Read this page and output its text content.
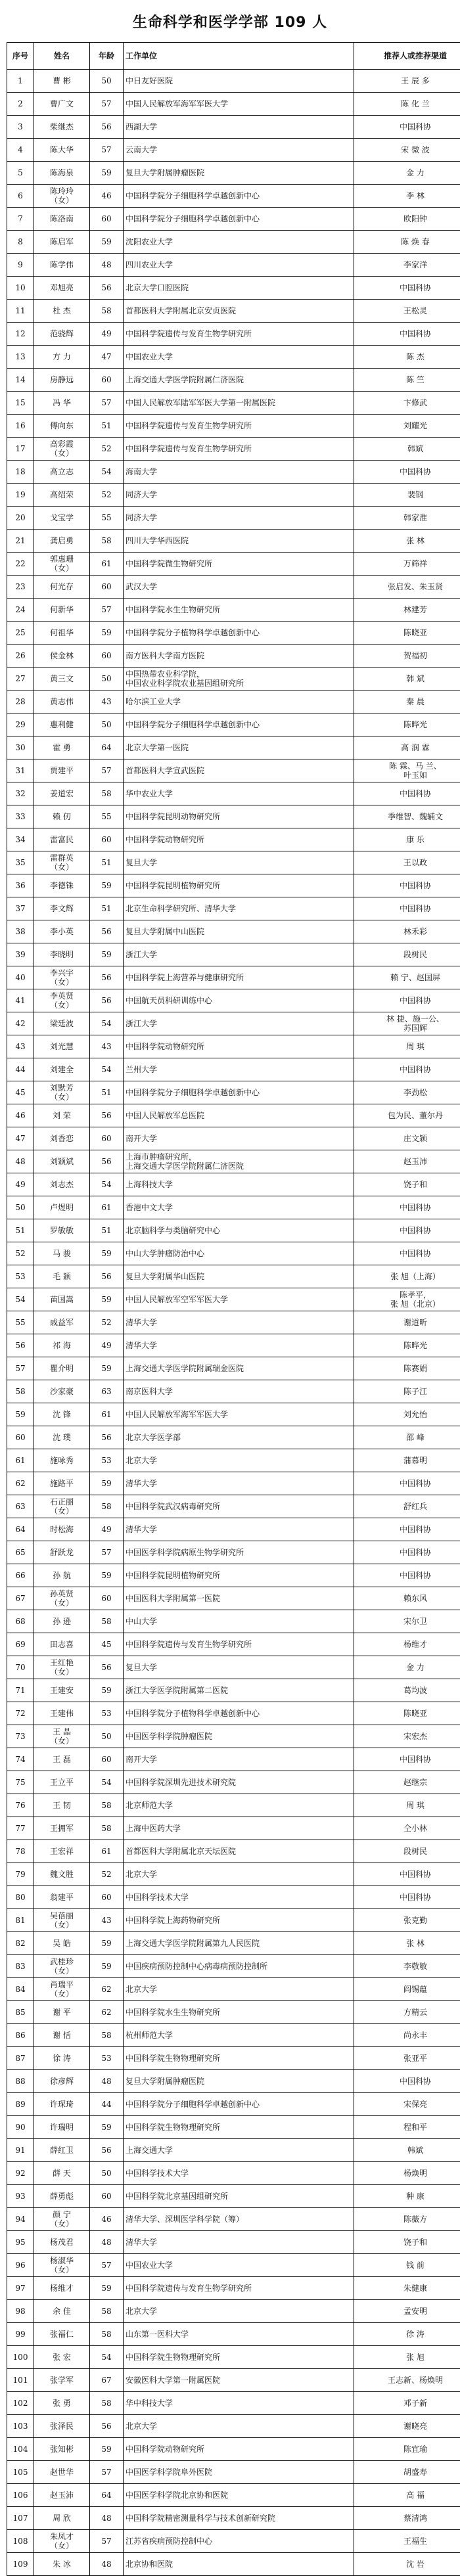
生命科学和医学学部 109 人
序号	姓名	年龄	工作单位	推荐人或推荐渠道
1	曹 彬	50	中日友好医院	王 辰 多
2	曹广文	57	中国人民解放军海军军医大学	陈 化 兰
3	柴继杰	56	西湖大学	中国科协
4	陈大华	57	云南大学	宋 微 波
5	陈海泉	59	复旦大学附属肿瘤医院	金 力
6	陈玲玲
（女）	46	中国科学院分子细胞科学卓越创新中心	李 林
7	陈洛南	60	中国科学院分子细胞科学卓越创新中心	欧阳钟
8	陈启军	59	沈阳农业大学	陈 焕 春
9	陈学伟	48	四川农业大学	李家洋
10	邓旭亮	56	北京大学口腔医院	中国科协
11	杜 杰	58	首都医科大学附属北京安贞医院	王松灵
12	范骁辉	49	中国科学院遗传与发育生物学研究所	中国科协
13	方 力	47	中国农业大学	陈 杰
14	房静远	60	上海交通大学医学院附属仁济医院	陈 竺
15	冯 华	57	中国人民解放军陆军军医大学第一附属医院	卞修武
16	傅向东	51	中国科学院遗传与发育生物学研究所	刘耀光
17	高彩霞
（女）	52	中国科学院遗传与发育生物学研究所	韩斌
18	高立志	54	海南大学	中国科协
19	高绍荣	52	同济大学	裴钢
20	戈宝学	55	同济大学	韩家淮
21	龚启勇	58	四川大学华西医院	张 林
22	郭惠珊
（女）	61	中国科学院微生物研究所	万筛祥
23	何光存	60	武汉大学	张启发、朱玉贤
24	何新华	57	中国科学院水生生物研究所	林建芳
25	何祖华	59	中国科学院分子植物科学卓越创新中心	陈晓亚
26	侯金林	60	南方医科大学南方医院	贺福初
27	黄三文	50	中国热带农业科学院，
中国农业科学院农业基因组研究所	韩 斌
28	黄志伟	43	哈尔滨工业大学	秦 晨
29	惠利健	50	中国科学院分子细胞科学卓越创新中心	陈晔光
30	霍 勇	64	北京大学第一医院	高 润 霖
31	贾建平	57	首都医科大学宣武医院	陈 霖、马 兰、
叶玉如
32	姜道宏	58	华中农业大学	中国科协
33	赖 仞	55	中国科学院昆明动物研究所	季维智、魏辅文
34	雷富民	60	中国科学院动物研究所	康 乐
35	雷群英
（女）	51	复旦大学	王以政
36	李德铢	59	中国科学院昆明植物研究所	中国科协
37	李文辉	51	北京生命科学研究所、清华大学	中国科协
38	李小英	56	复旦大学附属中山医院	林禾彩
39	李晓明	59	浙江大学	段树民
40	李兴宇
（女）	56	中国科学院上海营养与健康研究所	赖 宁、赵国屏
41	李英贤
（女）	56	中国航天员科研训练中心	中国科协
42	梁廷波	54	浙江大学	林 捷、施一公、
苏国辉
43	刘光慧	43	中国科学院动物研究所	周 琪
44	刘建全	54	兰州大学	中国科协
45	刘默芳
（女）	51	中国科学院分子细胞科学卓越创新中心	李劲松
46	刘 荣	56	中国人民解放军总医院	包为民、董尔丹
47	刘香恋	60	南开大学	庄文颖
48	刘颖斌	56	上海市肿瘤研究所，
上海交通大学医学院附属仁济医院	赵玉沛
49	刘志杰	54	上海科技大学	饶子和
50	卢煜明	61	香港中文大学	中国科协
51	罗敏敏	51	北京脑科学与类脑研究中心	中国科协
52	马 骏	59	中山大学肿瘤防治中心	中国科协
53	毛 颖	56	复旦大学附属华山医院	张 旭（上海）
54	苗国嵩	59	中国人民解放军空军军医大学	陈孝平，
张 旭（北京）
55	戚益军	52	清华大学	谢道昕
56	祁 海	49	清华大学	陈晔光
57	瞿介明	59	上海交通大学医学院附属瑞金医院	陈赛娟
58	沙家豪	63	南京医科大学	陈子江
59	沈 锋	61	中国人民解放军海军军医大学	刘允怡
60	沈 璞	56	北京大学医学部	邵 峰
61	施咏秀	53	北京大学	蒲慕明
62	施路平	59	清华大学	中国科协
63	石正丽
（女）	58	中国科学院武汉病毒研究所	舒红兵
64	时松海	49	清华大学	中国科协
65	舒跃龙	57	中国医学科学院病原生物学研究所	中国科协
66	孙 航	59	中国科学院昆明植物研究所	中国科协
67	孙英贤
（女）	60	中国医科大学附属第一医院	赖东风
68	孙 逊	58	中山大学	宋尔卫
69	田志喜	45	中国科学院遗传与发育生物学研究所	杨维才
70	王红艳
（女）	56	复旦大学	金 力
71	王建安	59	浙江大学医学院附属第二医院	葛均波
72	王建伟	53	中国科学院分子植物科学卓越创新中心	陈晓亚
73	王 晶
（女）	50	中国医学科学院肿瘤医院	宋宏杰
74	王 磊	60	南开大学	中国科协
75	王立平	54	中国科学院深圳先进技术研究院	赵继宗
76	王 韧	58	北京师范大学	周 琪
77	王拥军	58	上海中医药大学	仝小林
78	王宏祥	61	首都医科大学附属北京天坛医院	段树民
79	魏文胜	52	北京大学	中国科协
80	翁建平	60	中国科学技术大学	中国科协
81	吴蓓丽
（女）	43	中国科学院上海药物研究所	张克勤
82	吴 皓	59	上海交通大学医学院附属第九人民医院	张 林
83	武桂珍
（女）	59	中国疾病预防控制中心病毒病预防控制所	李敬敏
84	肖瑞平
（女）	62	北京大学	阎锡蕴
85	谢 平	62	中国科学院水生生物研究所	方精云
86	谢 恬	58	杭州师范大学	尚永丰
87	徐 涛	53	中国科学院生物物理研究所	张亚平
88	徐彦辉	48	复旦大学附属肿瘤医院	中国科协
89	许琛琦	44	中国科学院分子细胞科学卓越创新中心	宋保亮
90	许瑞明	59	中国科学院生物物理研究所	程和平
91	薛红卫	56	上海交通大学	韩斌
92	薛 天	50	中国科学技术大学	杨焕明
93	薛勇彪	60	中国科学院北京基因组研究所	种 康
94	颜 宁
（女）	46	清华大学、深圳医学科学院（筹）	陈薇方
95	杨茂君	48	清华大学	饶子和
96	杨淑华
（女）	57	中国农业大学	钱 前
97	杨维才	59	中国科学院遗传与发育生物学研究所	朱健康
98	余 佳	58	北京大学	孟安明
99	张福仁	58	山东第一医科大学	徐 涛
100	张 宏	54	中国科学院生物物理研究所	张 旭
101	张学军	67	安徽医科大学第一附属医院	王志新、杨焕明
102	张 勇	58	华中科技大学	邓子新
103	张泽民	56	北京大学	谢晓亮
104	张知彬	59	中国科学院动物研究所	陈宜瑜
105	赵世华	57	中国医学科学院阜外医院	胡盛寿
106	赵玉沛	64	中国医学科学院北京协和医院	高 福
107	周 欣	48	中国科学院精密测量科学与技术创新研究院	蔡清鸿
108	朱凤才
（女）	57	江苏省疾病预防控制中心	王福生
109	朱 冰	48	北京协和医院	沈 岩
